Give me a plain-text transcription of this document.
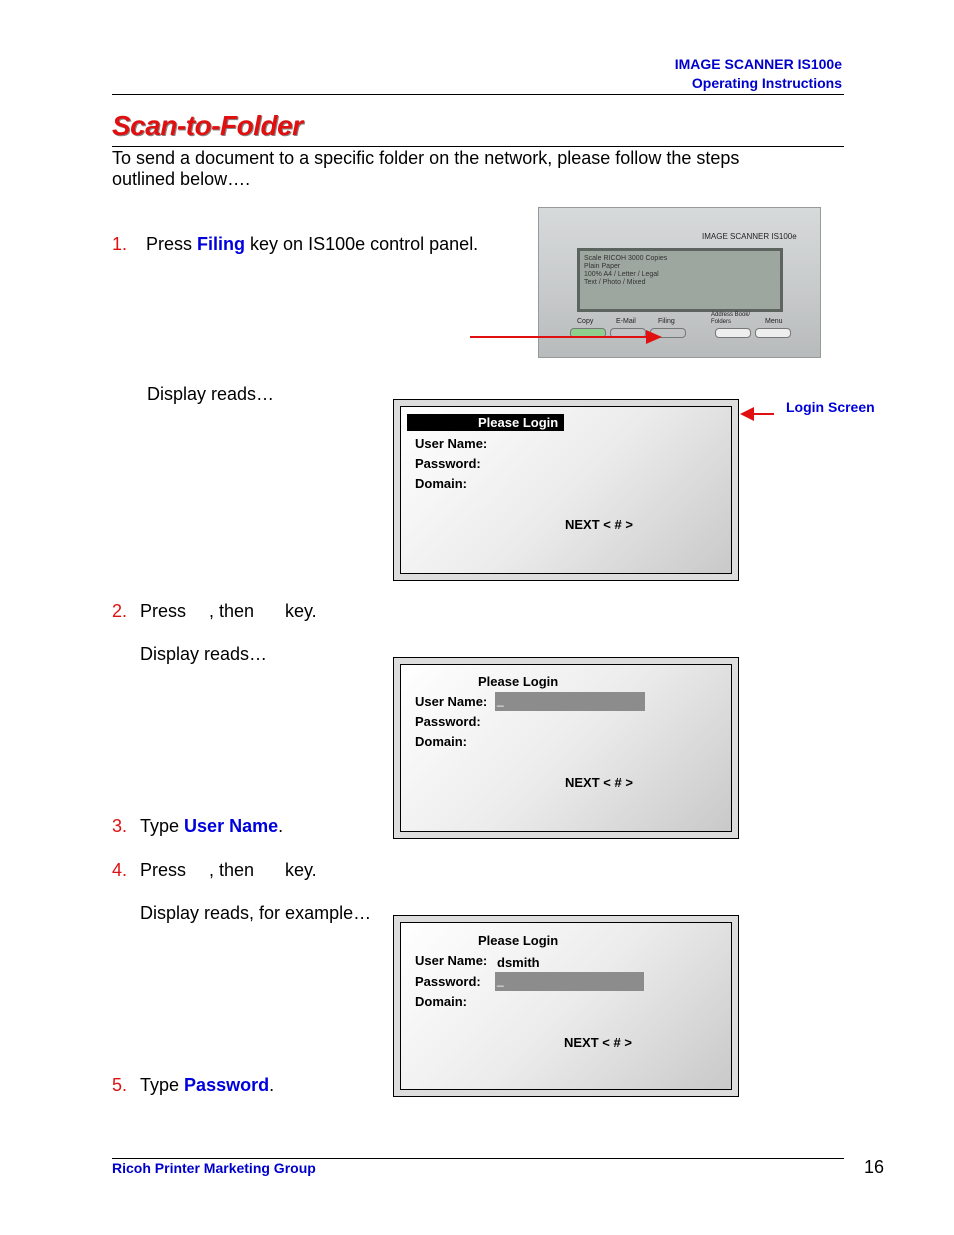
IMAGE SCANNER IS100e
Operating Instructions
Scan-to-Folder
To send a document to a specific folder on the network, please follow the steps
outlined below….
1. Press Filing key on IS100e control panel.	IMAGE SCANNER IS100e
Scale RICOH 3000 Copies
Plain Paper
100% A4 / Letter / Legal
Text / Photo / Mixed
Copy	E-Mail	Filing
Address Book/ Folders	Menu
Display reads…
Please Login
User Name:
Password:
Domain:
NEXT < # >
Login Screen
2. Press , then key.
Display reads…
Please Login
User Name: _
Password:
Domain:
NEXT < # >
3. Type User Name.
4. Press , then key.
Display reads, for example…
Please Login
User Name: dsmith
Password: _
Domain:
NEXT < # >
5. Type Password.
Ricoh Printer Marketing Group	16
